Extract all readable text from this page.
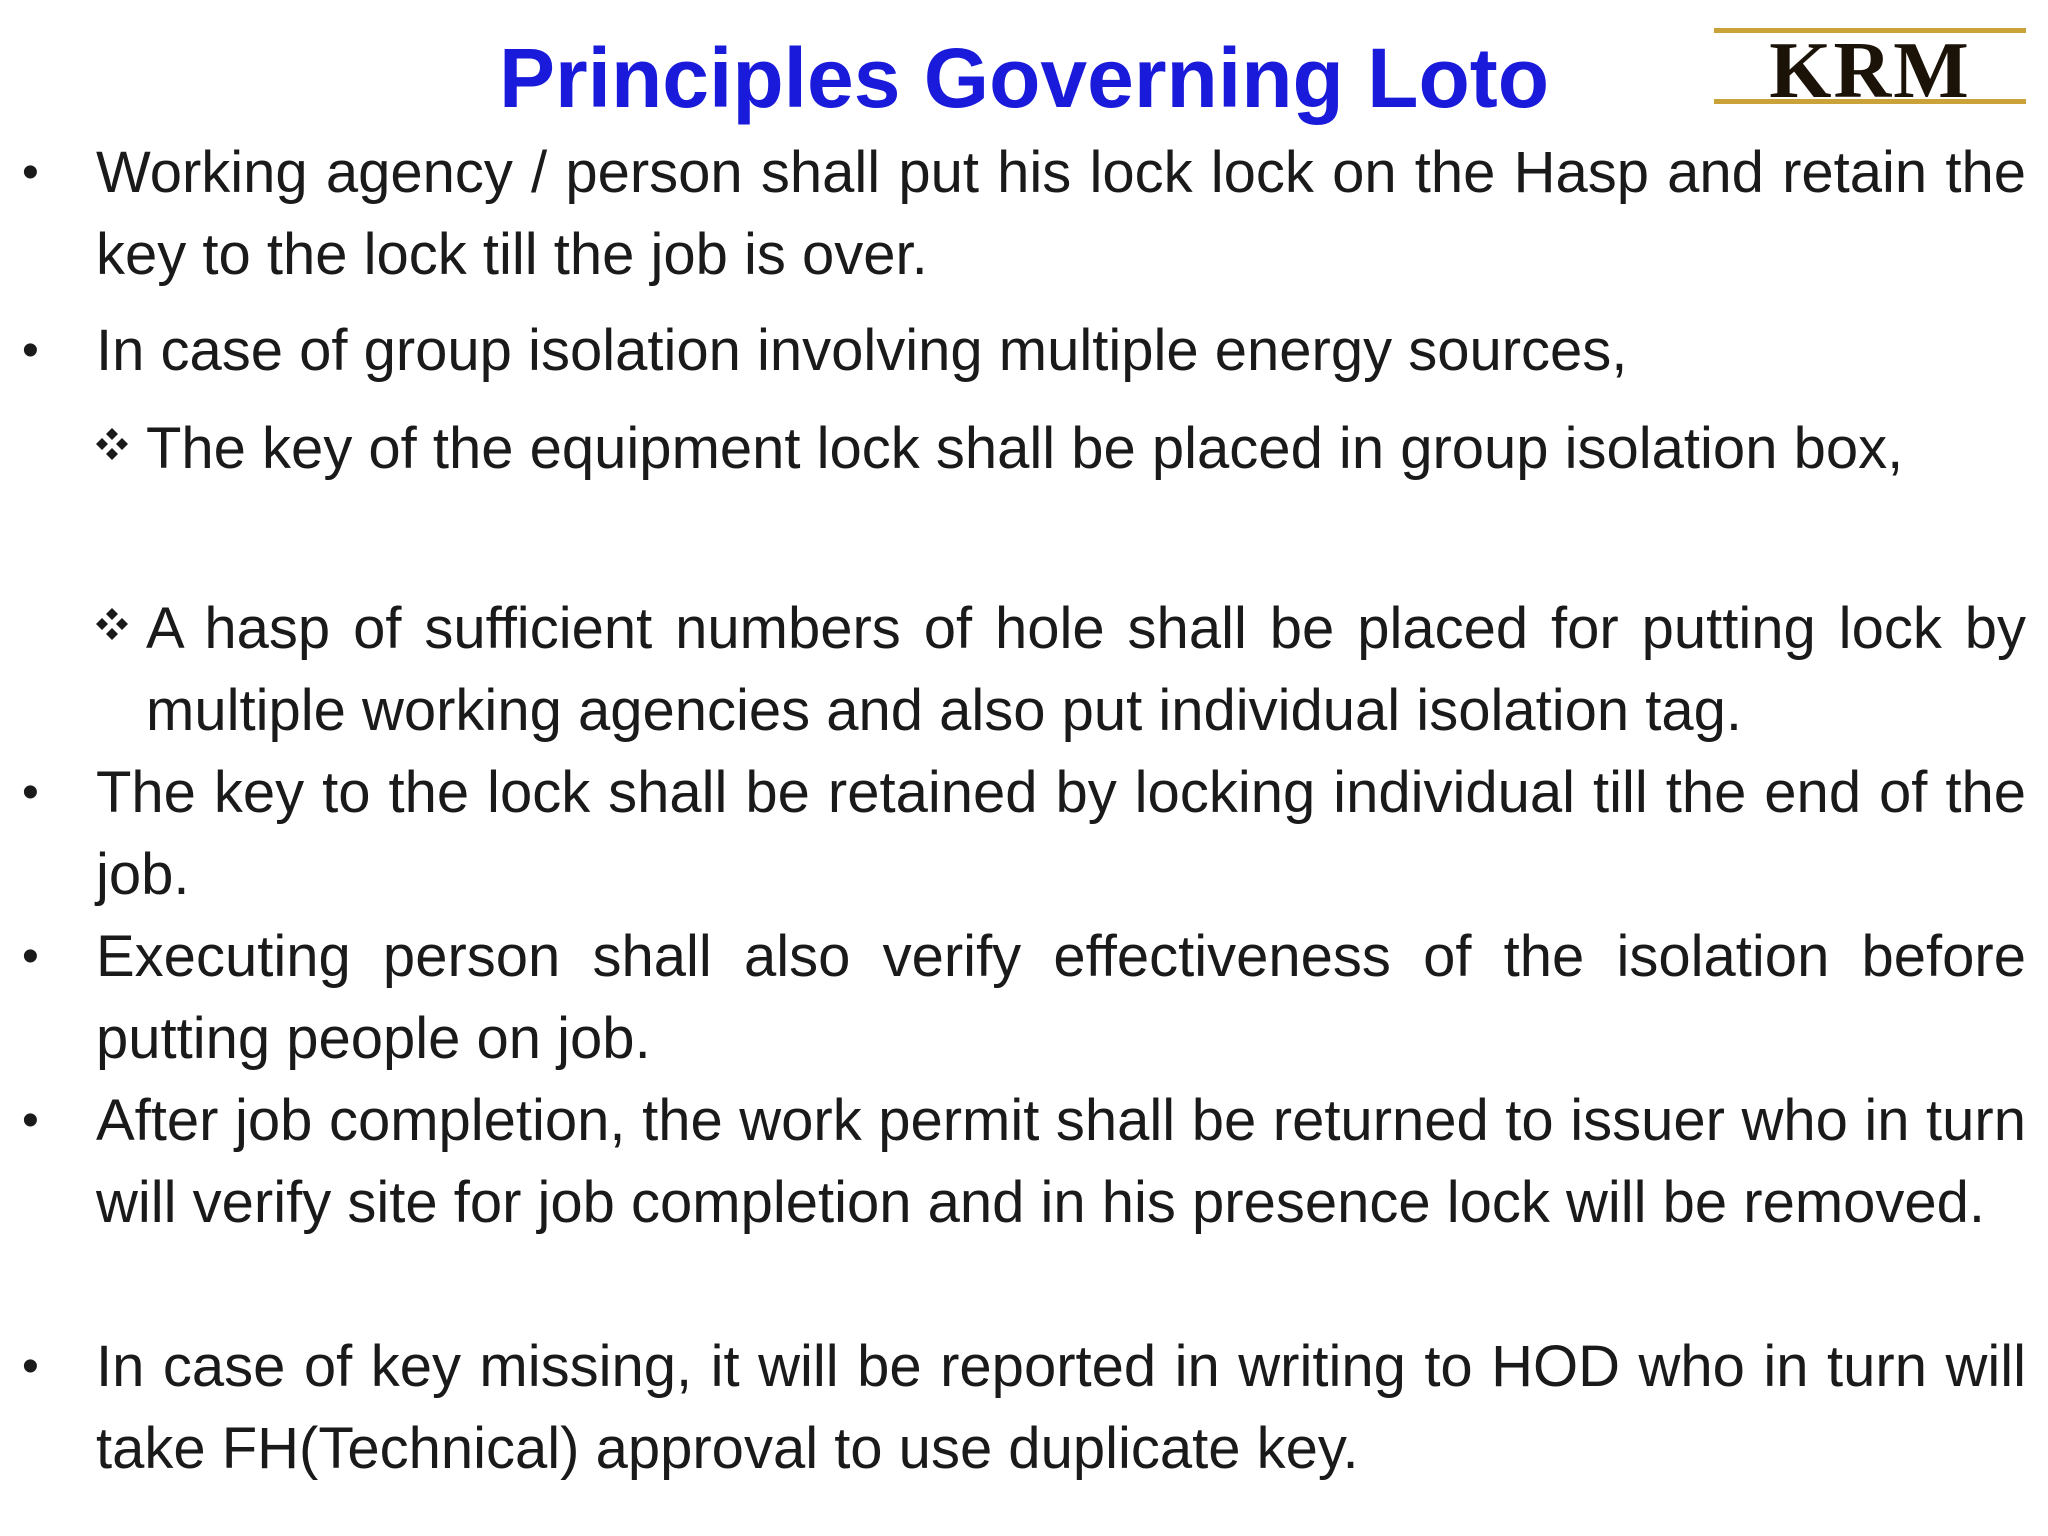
Principles Governing Loto	KRM
• Working agency / person shall put his lock lock on the Hasp and retain the key to the lock till the job is over.
• In case of group isolation involving multiple energy sources,
The key of the equipment lock shall be placed in group isolation box,
A hasp of sufficient numbers of hole shall be placed for putting lock by multiple working agencies and also put individual isolation tag.
• The key to the lock shall be retained by locking individual till the end of the job.
• Executing person shall also verify effectiveness of the isolation before putting people on job.
• After job completion, the work permit shall be returned to issuer who in turn will verify site for job completion and in his presence lock will be removed.
• In case of key missing, it will be reported in writing to HOD who in turn will take FH(Technical) approval to use duplicate key.
